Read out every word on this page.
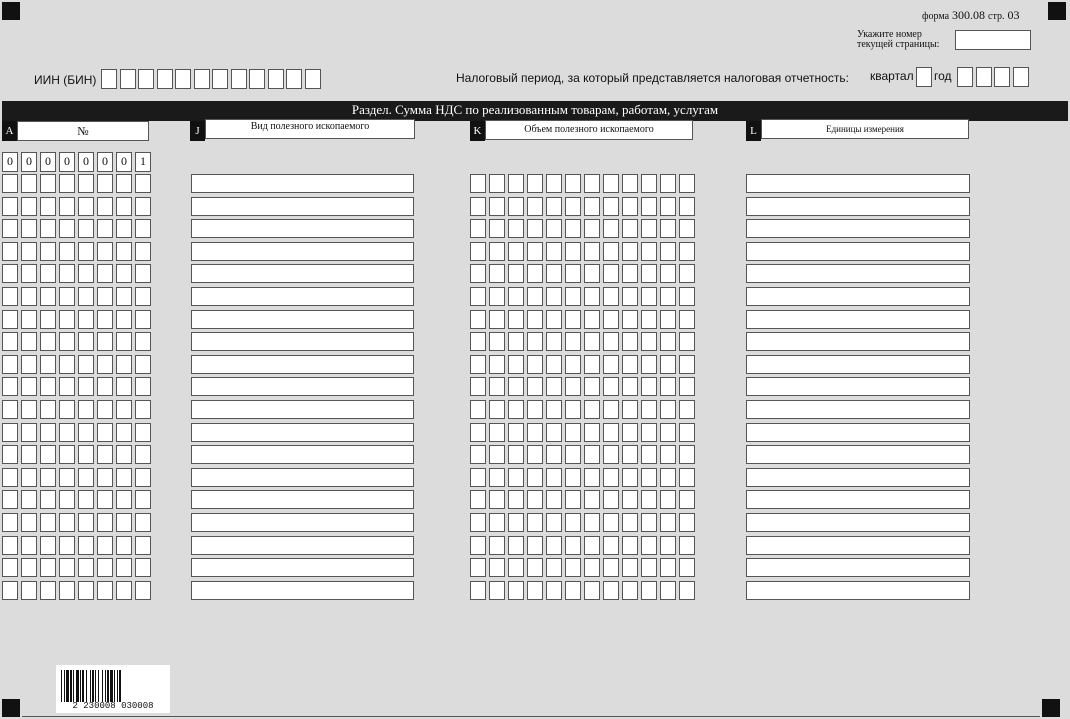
форма 300.08 стр. 03
Укажите номер
текущей страницы:
ИИН (БИН)	Налоговый период, за который представляется налоговая отчетность: квартал год
Раздел. Сумма НДС по реализованным товарам, работам, услугам
A	№	J	Вид полезного ископаемого	K	Объем полезного ископаемого	L	Единицы измерения
0	0	0	0	0	0	0	1
2 230008 030008
